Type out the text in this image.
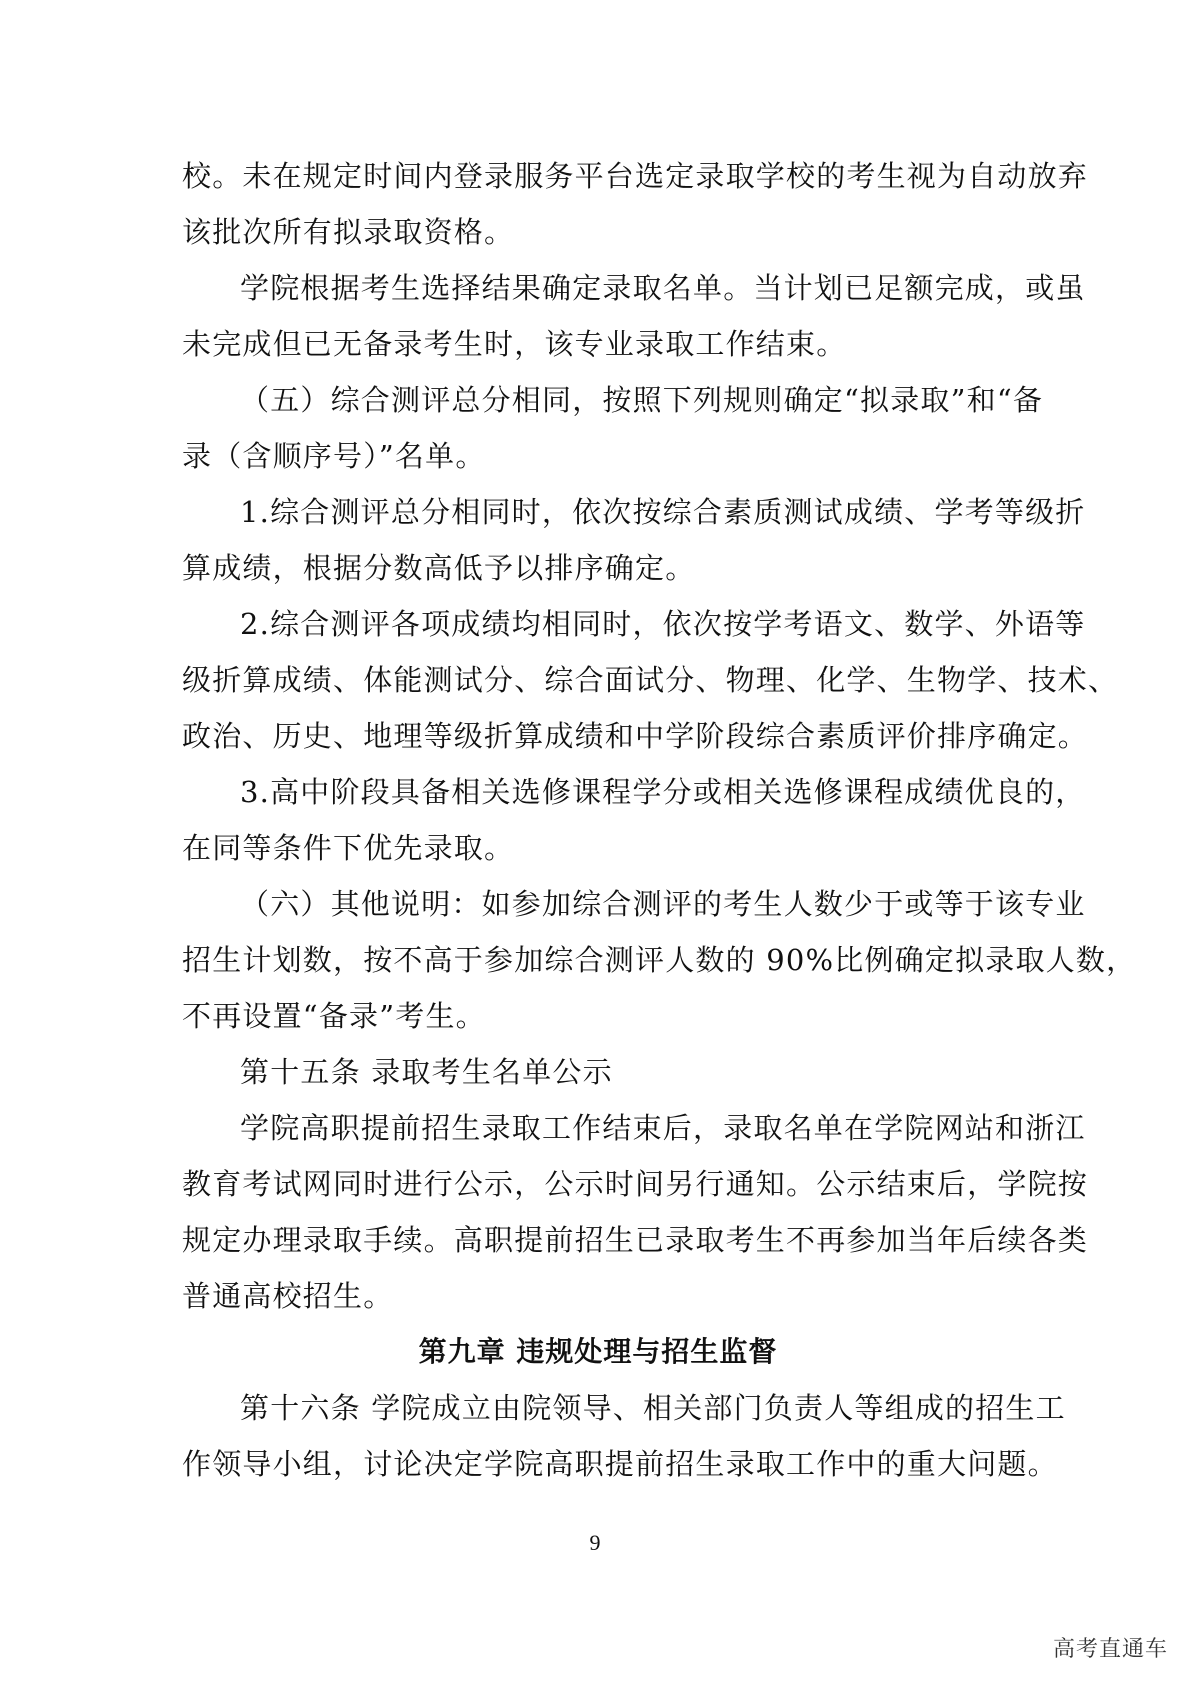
校。未在规定时间内登录服务平台选定录取学校的考生视为自动放弃
该批次所有拟录取资格。
学院根据考生选择结果确定录取名单。当计划已足额完成，或虽
未完成但已无备录考生时，该专业录取工作结束。
（五）综合测评总分相同，按照下列规则确定“拟录取”和“备
录（含顺序号）”名单。
1.综合测评总分相同时，依次按综合素质测试成绩、学考等级折
算成绩，根据分数高低予以排序确定。
2.综合测评各项成绩均相同时，依次按学考语文、数学、外语等
级折算成绩、体能测试分、综合面试分、物理、化学、生物学、技术、
政治、历史、地理等级折算成绩和中学阶段综合素质评价排序确定。
3.高中阶段具备相关选修课程学分或相关选修课程成绩优良的，
在同等条件下优先录取。
（六）其他说明：如参加综合测评的考生人数少于或等于该专业
招生计划数，按不高于参加综合测评人数的 90%比例确定拟录取人数，
不再设置“备录”考生。
第十五条 录取考生名单公示
学院高职提前招生录取工作结束后，录取名单在学院网站和浙江
教育考试网同时进行公示，公示时间另行通知。公示结束后，学院按
规定办理录取手续。高职提前招生已录取考生不再参加当年后续各类
普通高校招生。
第九章 违规处理与招生监督
第十六条 学院成立由院领导、相关部门负责人等组成的招生工
作领导小组，讨论决定学院高职提前招生录取工作中的重大问题。
9
高考直通车
